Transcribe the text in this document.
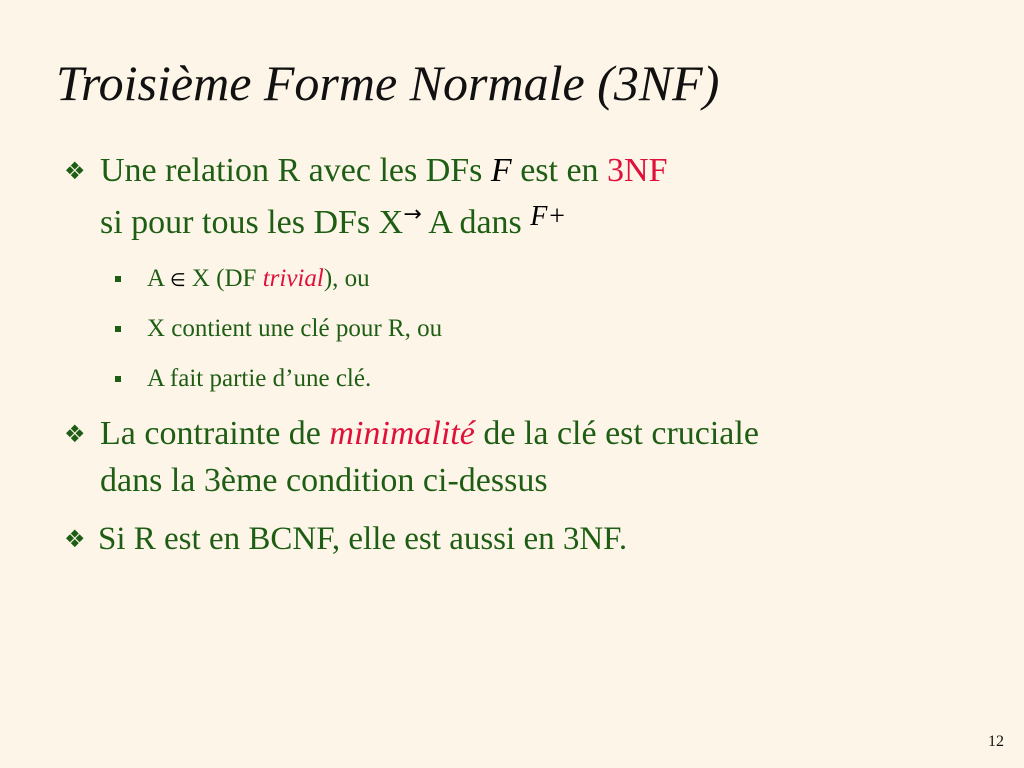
Troisième Forme Normale (3NF)
❖ Une relation R avec les DFs F est en 3NF
si pour tous les DFs X→ A dans $^{F+}$
A ∈ X (DF trivial), ou
X contient une clé pour R, ou
A fait partie d’une clé.
❖ La contrainte de minimalité de la clé est cruciale
dans la 3ème condition ci-dessus
❖ Si R est en BCNF, elle est aussi en 3NF.
12
